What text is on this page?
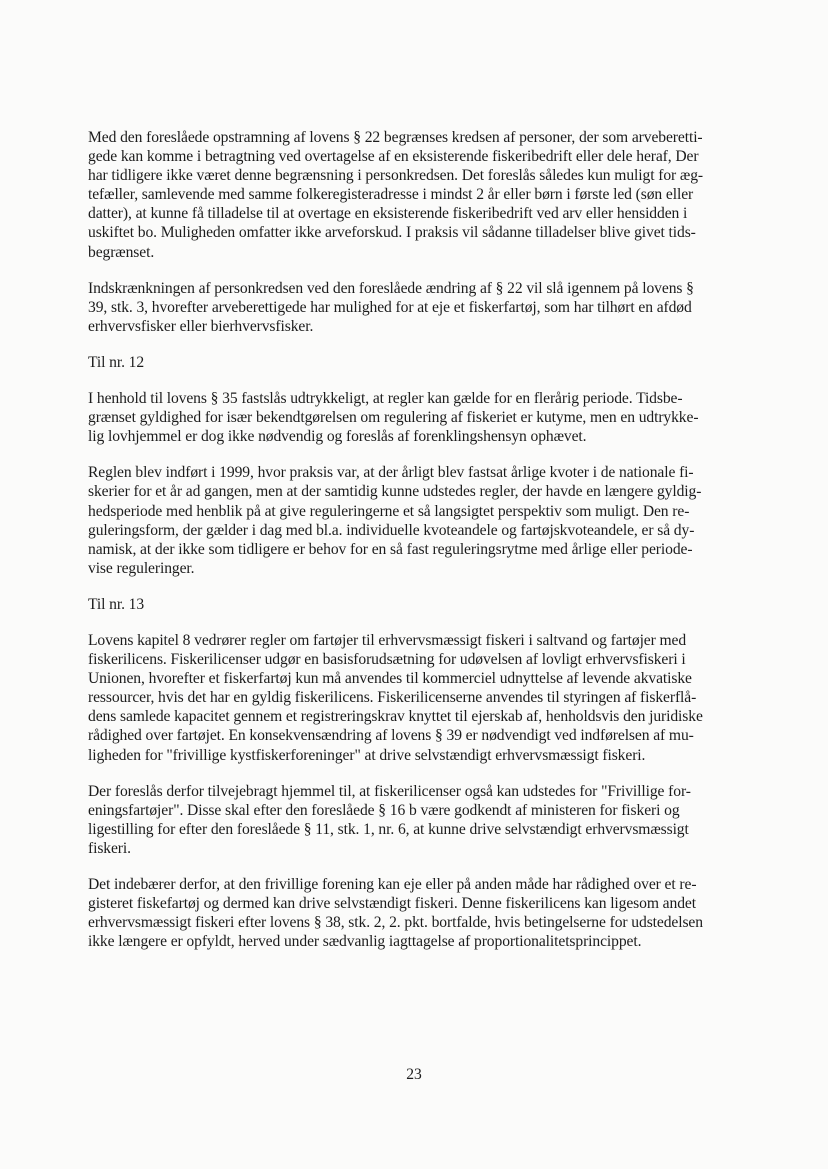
Med den foreslåede opstramning af lovens § 22 begrænses kredsen af personer, der som arveberetti-
gede kan komme i betragtning ved overtagelse af en eksisterende fiskeribedrift eller dele heraf, Der
har tidligere ikke været denne begrænsning i personkredsen. Det foreslås således kun muligt for æg-
tefæller, samlevende med samme folkeregisteradresse i mindst 2 år eller børn i første led (søn eller
datter), at kunne få tilladelse til at overtage en eksisterende fiskeribedrift ved arv eller hensidden i
uskiftet bo. Muligheden omfatter ikke arveforskud. I praksis vil sådanne tilladelser blive givet tids-
begrænset.

Indskrænkningen af personkredsen ved den foreslåede ændring af § 22 vil slå igennem på lovens §
39, stk. 3, hvorefter arveberettigede har mulighed for at eje et fiskerfartøj, som har tilhørt en afdød
erhvervsfisker eller bierhvervsfisker.

Til nr. 12

I henhold til lovens § 35 fastslås udtrykkeligt, at regler kan gælde for en flerårig periode. Tidsbe-
grænset gyldighed for især bekendtgørelsen om regulering af fiskeriet er kutyme, men en udtrykke-
lig lovhjemmel er dog ikke nødvendig og foreslås af forenklingshensyn ophævet.

Reglen blev indført i 1999, hvor praksis var, at der årligt blev fastsat årlige kvoter i de nationale fi-
skerier for et år ad gangen, men at der samtidig kunne udstedes regler, der havde en længere gyldig-
hedsperiode med henblik på at give reguleringerne et så langsigtet perspektiv som muligt. Den re-
guleringsform, der gælder i dag med bl.a. individuelle kvoteandele og fartøjskvoteandele, er så dy-
namisk, at der ikke som tidligere er behov for en så fast reguleringsrytme med årlige eller periode-
vise reguleringer.

Til nr. 13

Lovens kapitel 8 vedrører regler om fartøjer til erhvervsmæssigt fiskeri i saltvand og fartøjer med
fiskerilicens. Fiskerilicenser udgør en basisforudsætning for udøvelsen af lovligt erhvervsfiskeri i
Unionen, hvorefter et fiskerfartøj kun må anvendes til kommerciel udnyttelse af levende akvatiske
ressourcer, hvis det har en gyldig fiskerilicens. Fiskerilicenserne anvendes til styringen af fiskerflå-
dens samlede kapacitet gennem et registreringskrav knyttet til ejerskab af, henholdsvis den juridiske
rådighed over fartøjet. En konsekvensændring af lovens § 39 er nødvendigt ved indførelsen af mu-
ligheden for "frivillige kystfiskerforeninger" at drive selvstændigt erhvervsmæssigt fiskeri.

Der foreslås derfor tilvejebragt hjemmel til, at fiskerilicenser også kan udstedes for "Frivillige for-
eningsfartøjer". Disse skal efter den foreslåede § 16 b være godkendt af ministeren for fiskeri og
ligestilling for efter den foreslåede § 11, stk. 1, nr. 6, at kunne drive selvstændigt erhvervsmæssigt
fiskeri.

Det indebærer derfor, at den frivillige forening kan eje eller på anden måde har rådighed over et re-
gisteret fiskefartøj og dermed kan drive selvstændigt fiskeri. Denne fiskerilicens kan ligesom andet
erhvervsmæssigt fiskeri efter lovens § 38, stk. 2, 2. pkt. bortfalde, hvis betingelserne for udstedelsen
ikke længere er opfyldt, herved under sædvanlig iagttagelse af proportionalitetsprincippet.

23
